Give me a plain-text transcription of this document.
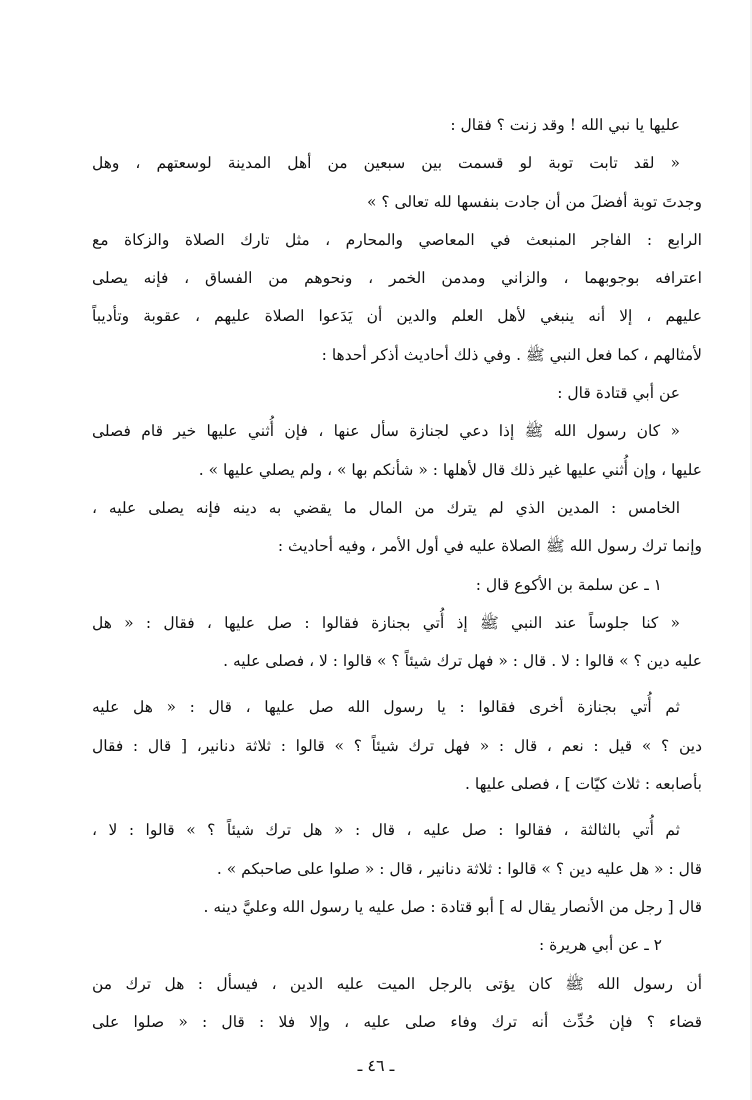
عليها يا نبي الله ! وقد زنت ؟ فقال :
« لقد تابت توبة لو قسمت بين سبعين من أهل المدينة لوسعتهم ، وهل
وجدتَ توبة أفضلَ من أن جادت بنفسها لله تعالى ؟ »
الرابع : الفاجر المنبعث في المعاصي والمحارم ، مثل تارك الصلاة والزكاة مع
اعترافه بوجوبهما ، والزاني ومدمن الخمر ، ونحوهم من الفساق ، فإنه يصلى
عليهم ، إلا أنه ينبغي لأهل العلم والدين أن يَدَعوا الصلاة عليهم ، عقوبة وتأديباً
لأمثالهم ، كما فعل النبي ﷺ . وفي ذلك أحاديث أذكر أحدها :
عن أبي قتادة قال :
« كان رسول الله ﷺ إذا دعي لجنازة سأل عنها ، فإن أُثني عليها خير قام فصلى
عليها ، وإن أُثني عليها غير ذلك قال لأهلها : « شأنكم بها » ، ولم يصلي عليها » .
الخامس : المدين الذي لم يترك من المال ما يقضي به دينه فإنه يصلى عليه ،
وإنما ترك رسول الله ﷺ الصلاة عليه في أول الأمر ، وفيه أحاديث :
١ ـ عن سلمة بن الأكوع قال :
« كنا جلوساً عند النبي ﷺ إذ أُتي بجنازة فقالوا : صل عليها ، فقال : « هل
عليه دين ؟ » قالوا : لا . قال : « فهل ترك شيئاً ؟ » قالوا : لا ، فصلى عليه .
ثم أُتي بجنازة أخرى فقالوا : يا رسول الله صل عليها ، قال : « هل عليه
دين ؟ » قيل : نعم ، قال : « فهل ترك شيئاً ؟ » قالوا : ثلاثة دنانير، [ قال : فقال
بأصابعه : ثلاث كيّات ] ، فصلى عليها .
ثم أُتي بالثالثة ، فقالوا : صل عليه ، قال : « هل ترك شيئاً ؟ » قالوا : لا ،
قال : « هل عليه دين ؟ » قالوا : ثلاثة دنانير ، قال : « صلوا على صاحبكم » .
قال [ رجل من الأنصار يقال له ] أبو قتادة : صل عليه يا رسول الله وعليَّ دينه .
٢ ـ عن أبي هريرة :
أن رسول الله ﷺ كان يؤتى بالرجل الميت عليه الدين ، فيسأل : هل ترك من
قضاء ؟ فإن حُدِّث أنه ترك وفاء صلى عليه ، وإلا فلا : قال : « صلوا على
ـ ٤٦ ـ
